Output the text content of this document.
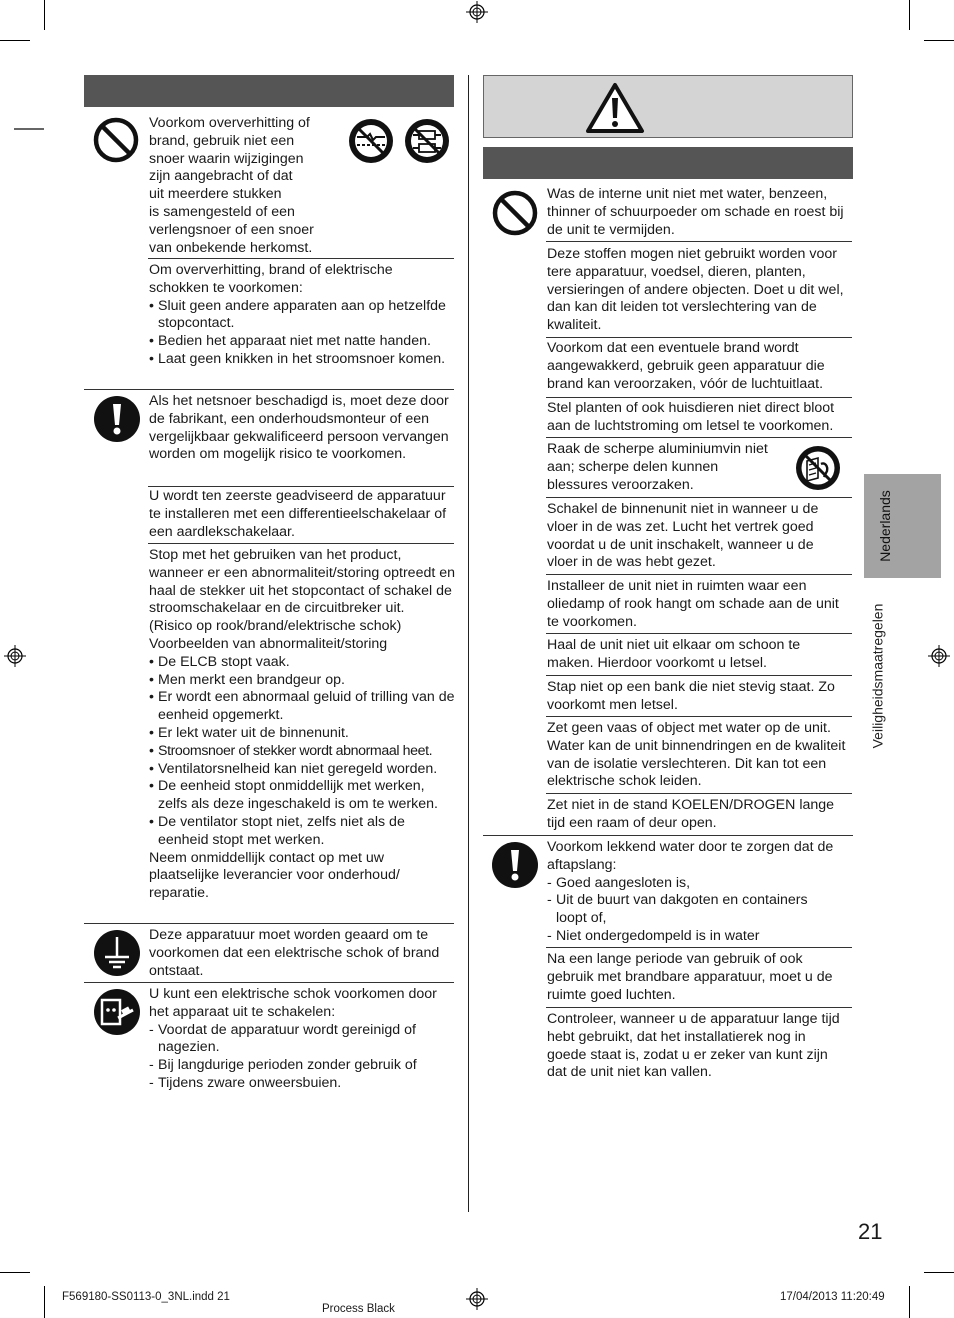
Voorkom oververhitting of
brand, gebruik niet een
snoer waarin wijzigingen
zijn aangebracht of dat
uit meerdere stukken
is samengesteld of een
verlengsnoer of een snoer
van onbekende herkomst.
Om oververhitting, brand of elektrische schokken te voorkomen:
• Sluit geen andere apparaten aan op hetzelfde stopcontact.
• Bedien het apparaat niet met natte handen.
• Laat geen knikken in het stroomsnoer komen.
Als het netsnoer beschadigd is, moet deze door de fabrikant, een onderhoudsmonteur of een vergelijkbaar gekwalificeerd persoon vervangen worden om mogelijk risico te voorkomen.
U wordt ten zeerste geadviseerd de apparatuur te installeren met een differentieelschakelaar of een aardlekschakelaar.
Stop met het gebruiken van het product, wanneer er een abnormaliteit/storing optreedt en haal de stekker uit het stopcontact of schakel de stroomschakelaar en de circuitbreker uit.
(Risico op rook/brand/elektrische schok)
Voorbeelden van abnormaliteit/storing
• De ELCB stopt vaak.
• Men merkt een brandgeur op.
• Er wordt een abnormaal geluid of trilling van de eenheid opgemerkt.
• Er lekt water uit de binnenunit.
• Stroomsnoer of stekker wordt abnormaal heet.
• Ventilatorsnelheid kan niet geregeld worden.
• De eenheid stopt onmiddellijk met werken, zelfs als deze ingeschakeld is om te werken.
• De ventilator stopt niet, zelfs niet als de eenheid stopt met werken.
Neem onmiddellijk contact op met uw plaatselijke leverancier voor onderhoud/ reparatie.
Deze apparatuur moet worden geaard om te voorkomen dat een elektrische schok of brand ontstaat.
U kunt een elektrische schok voorkomen door het apparaat uit te schakelen:
- Voordat de apparatuur wordt gereinigd of nagezien.
- Bij langdurige perioden zonder gebruik of
- Tijdens zware onweersbuien.
Was de interne unit niet met water, benzeen, thinner of schuurpoeder om schade en roest bij de unit te vermijden.
Deze stoffen mogen niet gebruikt worden voor tere apparatuur, voedsel, dieren, planten, versieringen of andere objecten. Doet u dit wel, dan kan dit leiden tot verslechtering van de kwaliteit.
Voorkom dat een eventuele brand wordt aangewakkerd, gebruik geen apparatuur die brand kan veroorzaken, vóór de luchtuitlaat.
Stel planten of ook huisdieren niet direct bloot aan de luchtstroming om letsel te voorkomen.
Raak de scherpe aluminiumvin niet aan; scherpe delen kunnen blessures veroorzaken.
Schakel de binnenunit niet in wanneer u de vloer in de was zet. Lucht het vertrek goed voordat u de unit inschakelt, wanneer u de vloer in de was hebt gezet.
Installeer de unit niet in ruimten waar een oliedamp of rook hangt om schade aan de unit te voorkomen.
Haal de unit niet uit elkaar om schoon te maken. Hierdoor voorkomt u letsel.
Stap niet op een bank die niet stevig staat. Zo voorkomt men letsel.
Zet geen vaas of object met water op de unit. Water kan de unit binnendringen en de kwaliteit van de isolatie verslechteren. Dit kan tot een elektrische schok leiden.
Zet niet in de stand KOELEN/DROGEN lange tijd een raam of deur open.
Voorkom lekkend water door te zorgen dat de aftapslang:
- Goed aangesloten is,
- Uit de buurt van dakgoten en containers loopt of,
- Niet ondergedompeld is in water
Na een lange periode van gebruik of ook gebruik met brandbare apparatuur, moet u de ruimte goed luchten.
Controleer, wanneer u de apparatuur lange tijd hebt gebruikt, dat het installatierek nog in goede staat is, zodat u er zeker van kunt zijn dat de unit niet kan vallen.
Nederlands
Veiligheidsmaatregelen
21
F569180-SS0113-0_3NL.indd 21
Process Black
17/04/2013 11:20:49
